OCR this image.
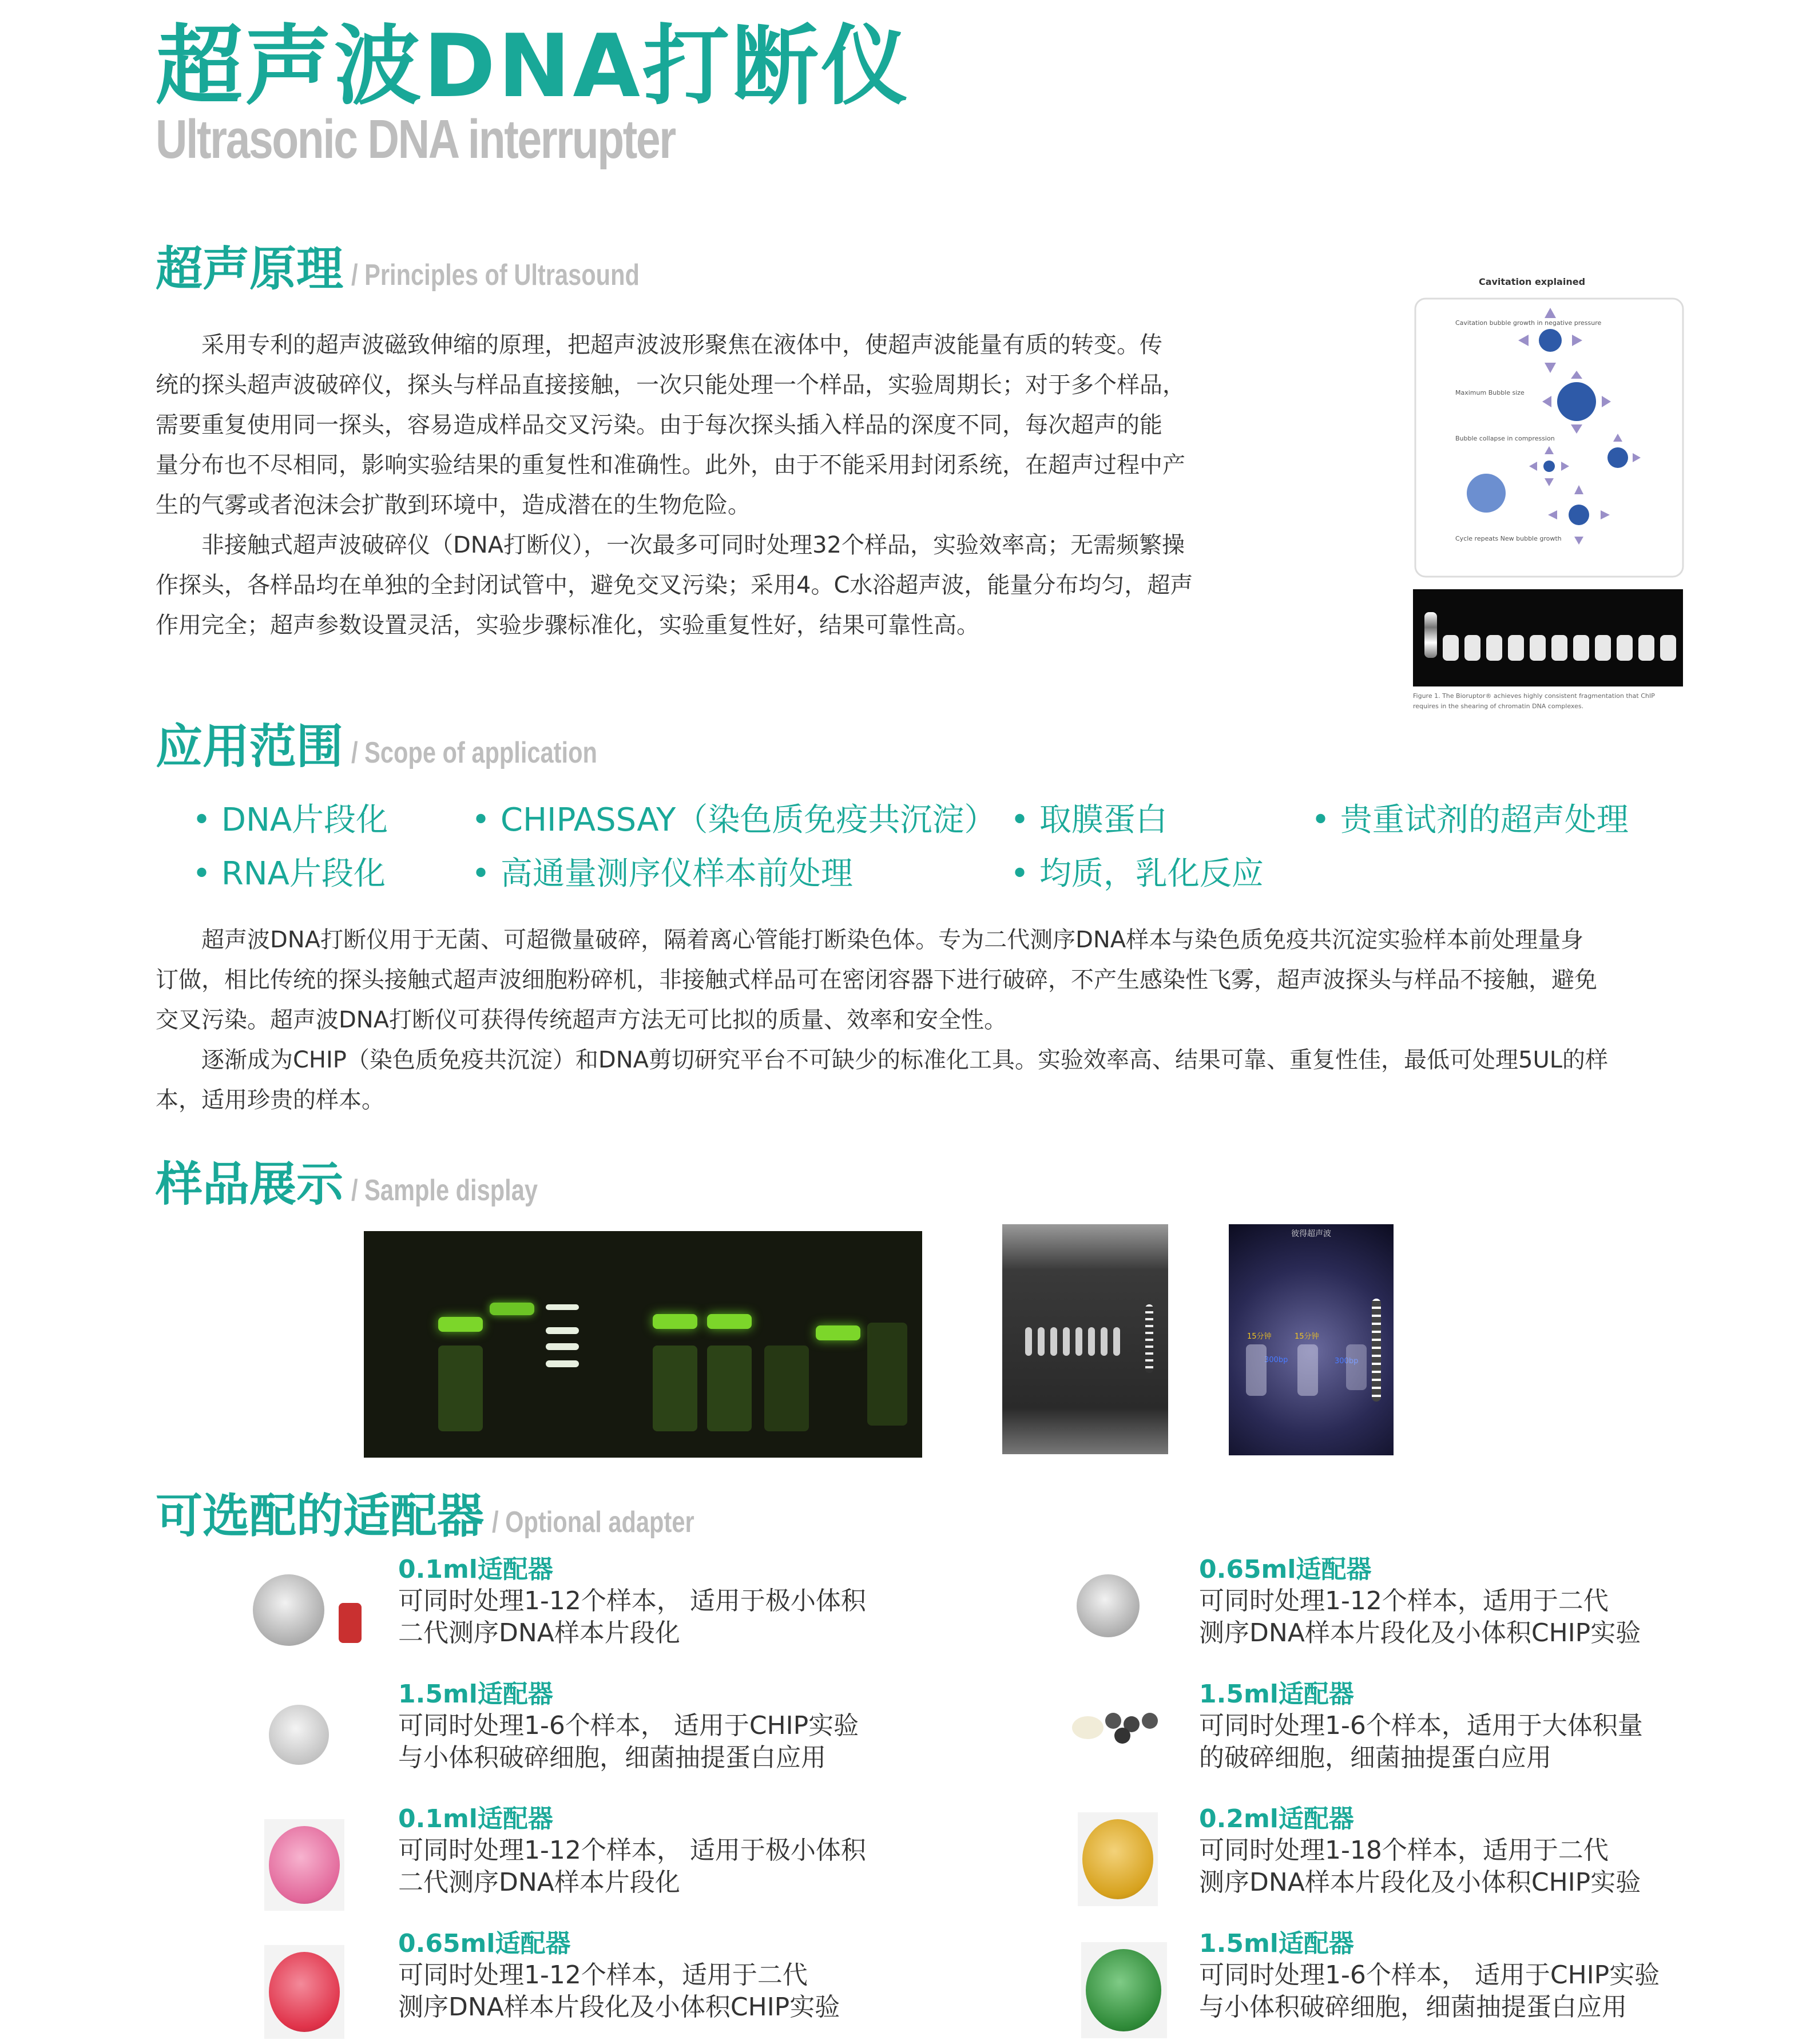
超声波DNA打断仪
Ultrasonic DNA interrupter
超声原理 / Principles of Ultrasound

采用专利的超声波磁致伸缩的原理，把超声波波形聚焦在液体中，使超声波能量有质的转变。传

统的探头超声波破碎仪，探头与样品直接接触，一次只能处理一个样品，实验周期长；对于多个样品，
需要重复使用同一探头，容易造成样品交叉污染。由于每次探头插入样品的深度不同，每次超声的能
量分布也不尽相同，影响实验结果的重复性和准确性。此外，由于不能采用封闭系统，在超声过程中产
生的气雾或者泡沫会扩散到环境中，造成潜在的生物危险。

非接触式超声波破碎仪（DNA打断仪），一次最多可同时处理32个样品，实验效率高；无需频繁操

作探头，各样品均在单独的全封闭试管中，避免交叉污染；采用4。C水浴超声波，能量分布均匀，超声
作用完全；超声参数设置灵活，实验步骤标准化，实验重复性好，结果可靠性高。
Cavitation explained
Cavitation bubble growth in negative pressure
Maximum Bubble size
Bubble collapse in compression
Cycle repeats New bubble growth
Figure 1. The Bioruptor® achieves highly consistent fragmentation that ChIP requires in the shearing of chromatin DNA complexes.
应用范围 / Scope of application
• DNA片段化	• CHIPASSAY（染色质免疫共沉淀）	• 取膜蛋白	• 贵重试剂的超声处理
• RNA片段化	• 高通量测序仪样本前处理	• 均质，乳化反应

超声波DNA打断仪用于无菌、可超微量破碎，隔着离心管能打断染色体。专为二代测序DNA样本与染色质免疫共沉淀实验样本前处理量身

订做，相比传统的探头接触式超声波细胞粉碎机，非接触式样品可在密闭容器下进行破碎，不产生感染性飞雾，超声波探头与样品不接触，避免
交叉污染。超声波DNA打断仪可获得传统超声方法无可比拟的质量、效率和安全性。

逐渐成为CHIP（染色质免疫共沉淀）和DNA剪切研究平台不可缺少的标准化工具。实验效率高、结果可靠、重复性佳，最低可处理5UL的样

本，适用珍贵的样本。
样品展示 / Sample display
彼得超声波
15分钟	15分钟
300bp	300bp
可选配的适配器 / Optional adapter
0.1ml适配器
可同时处理1-12个样本， 适用于极小体积
二代测序DNA样本片段化
0.65ml适配器
可同时处理1-12个样本，适用于二代
测序DNA样本片段化及小体积CHIP实验
1.5ml适配器
可同时处理1-6个样本， 适用于CHIP实验
与小体积破碎细胞，细菌抽提蛋白应用
1.5ml适配器
可同时处理1-6个样本，适用于大体积量
的破碎细胞，细菌抽提蛋白应用
0.1ml适配器
可同时处理1-12个样本， 适用于极小体积
二代测序DNA样本片段化
0.2ml适配器
可同时处理1-18个样本，适用于二代
测序DNA样本片段化及小体积CHIP实验
0.65ml适配器
可同时处理1-12个样本，适用于二代
测序DNA样本片段化及小体积CHIP实验
1.5ml适配器
可同时处理1-6个样本， 适用于CHIP实验
与小体积破碎细胞，细菌抽提蛋白应用
